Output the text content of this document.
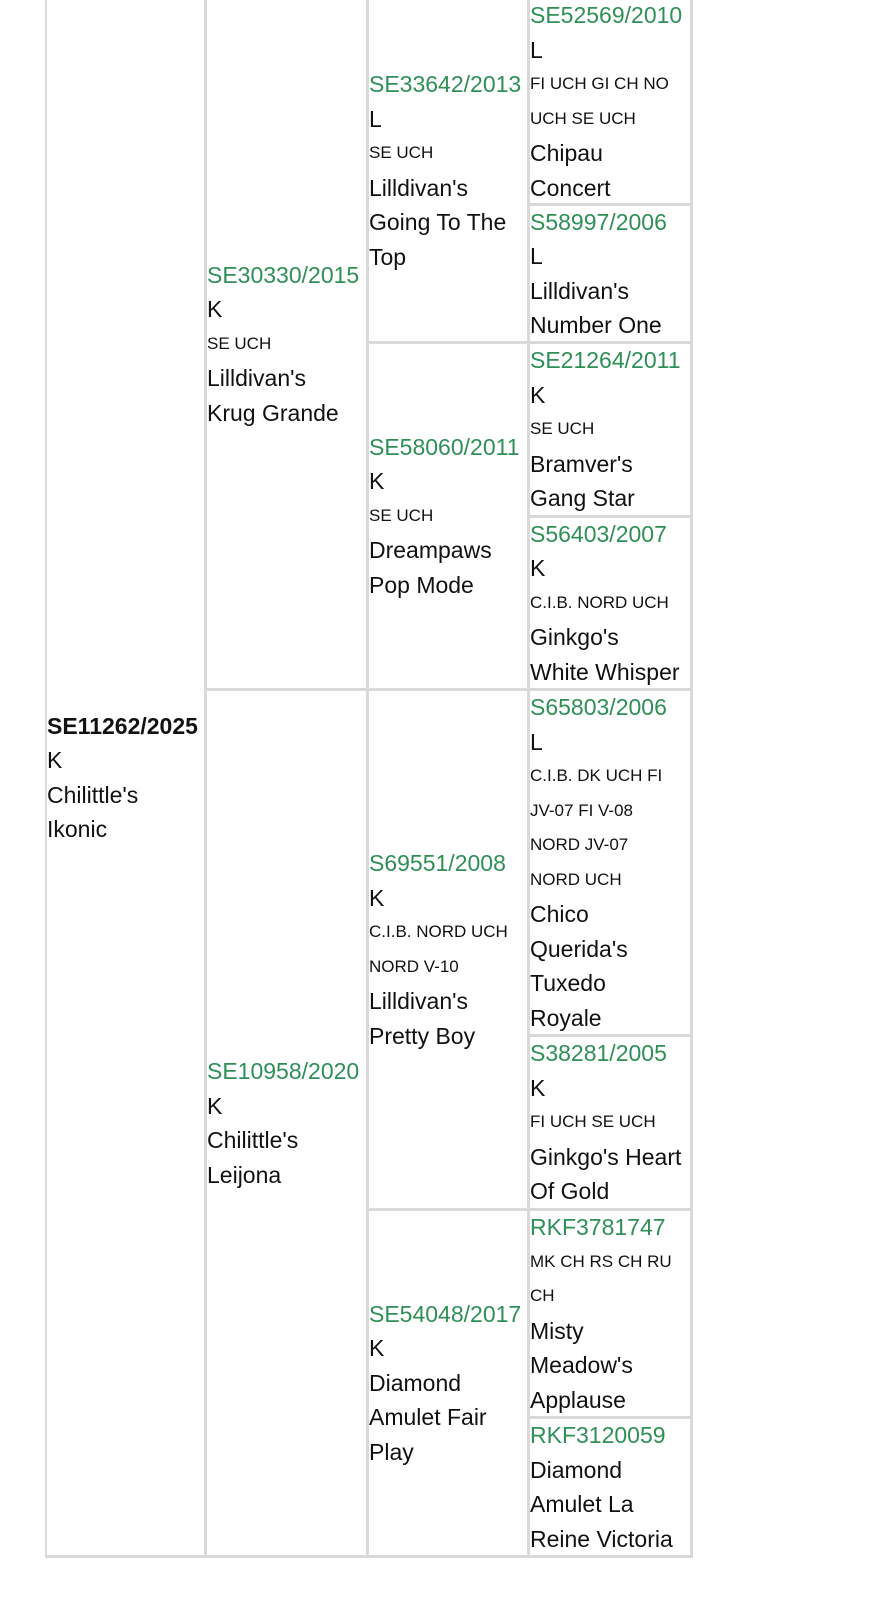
SE11262/2025
K
Chilittle's
Ikonic
SE30330/2015
K
SE UCH
Lilldivan's
Krug Grande
SE10958/2020
K
Chilittle's
Leijona
SE33642/2013
L
SE UCH
Lilldivan's
Going To The
Top
SE58060/2011
K
SE UCH
Dreampaws
Pop Mode
S69551/2008
K
C.I.B. NORD UCH
NORD V-10
Lilldivan's
Pretty Boy
SE54048/2017
K
Diamond
Amulet Fair
Play
SE52569/2010
L
FI UCH GI CH NO
UCH SE UCH
Chipau
Concert
S58997/2006
L
Lilldivan's
Number One
SE21264/2011
K
SE UCH
Bramver's
Gang Star
S56403/2007
K
C.I.B. NORD UCH
Ginkgo's
White Whisper
S65803/2006
L
C.I.B. DK UCH FI
JV-07 FI V-08
NORD JV-07
NORD UCH
Chico
Querida's
Tuxedo
Royale
S38281/2005
K
FI UCH SE UCH
Ginkgo's Heart
Of Gold
RKF3781747
MK CH RS CH RU
CH
Misty
Meadow's
Applause
RKF3120059
Diamond
Amulet La
Reine Victoria
